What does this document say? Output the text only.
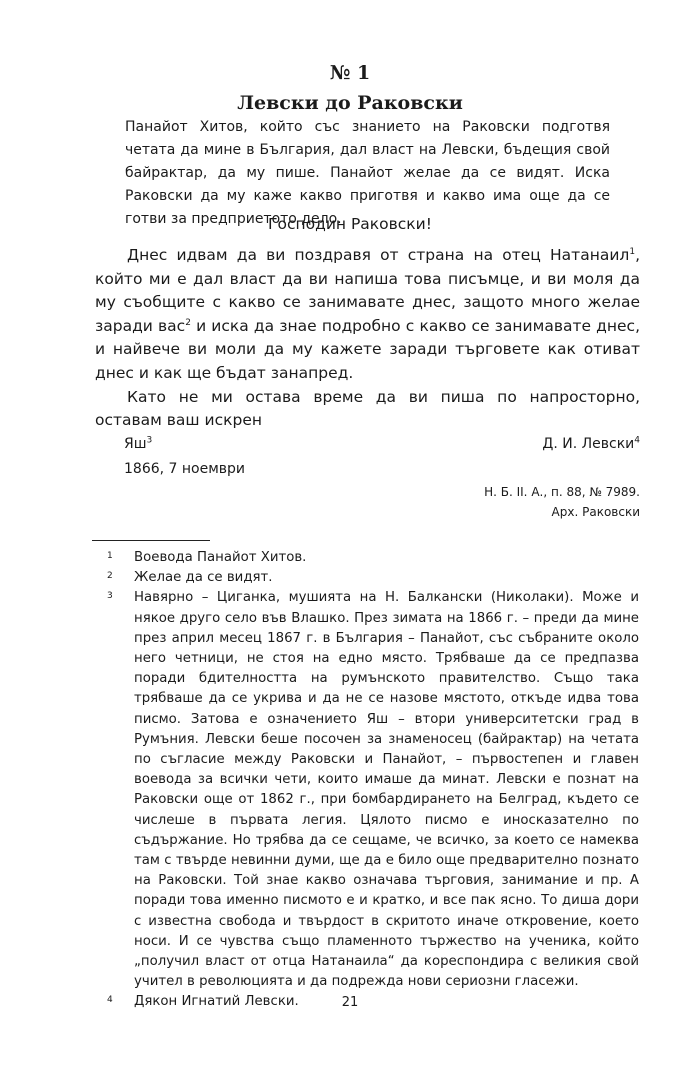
№ 1
Левски до Раковски

Панайот Хитов, който със знанието на Раковски подготвя четата да мине в България, дал власт на Левски, бъдещия свой байрактар, да му пише. Панайот желае да се видят. Иска Раковски да му каже какво приготвя и какво има още да се готви за предприетото дело.

Господин Раковски!

Днес идвам да ви поздравя от страна на отец Натанаил$^1$, който ми е дал власт да ви напиша това писъмце, и ви моля да му съобщите с какво се занимавате днес, защото много желае заради вас$^2$ и иска да знае подробно с какво се занимавате днес, и найвече ви моли да му кажете заради търговете как отиват днес и как ще бъдат занапред.

Като не ми остава време да ви пиша по напросторно, оставам ваш искрен

$Яш^3$	Д. И. Левски$^4$
1866, 7 ноември
Н. Б. II. А., п. 88, № 7989.
Арх. Раковски
1	Воевода Панайот Хитов.
2	Желае да се видят.
3	Навярно – Циганка, мушията на Н. Балкански (Николаки). Може и някое друго село във Влашко. През зимата на 1866 г. – преди да мине през април месец 1867 г. в България – Панайот, със събраните около него четници, не стоя на едно място. Трябваше да се предпазва поради бдителността на румънското правителство. Също така трябваше да се укрива и да не се назове мястото, откъде идва това писмо. Затова е означението Яш – втори университетски град в Румъния. Левски беше посочен за знаменосец (байрактар) на четата по съгласие между Раковски и Панайот, – първостепен и главен воевода за всички чети, които имаше да минат. Левски е познат на Раковски още от 1862 г., при бомбардирането на Белград, където се числеше в първата легия. Цялото писмо е иносказателно по съдържание. Но трябва да се сещаме, че всичко, за което се намеква там с твърде невинни думи, ще да е било още предварително познато на Раковски. Той знае какво означава търговия, занимание и пр. А поради това именно писмото е и кратко, и все пак ясно. То диша дори с известна свобода и твърдост в скритото иначе откровение, което носи. И се чувства също пламенното тържество на ученика, който „получил власт от отца Натанаила“ да кореспондира с великия свой учител в революцията и да подрежда нови сериозни гласежи.
4	Дякон Игнатий Левски.	21
